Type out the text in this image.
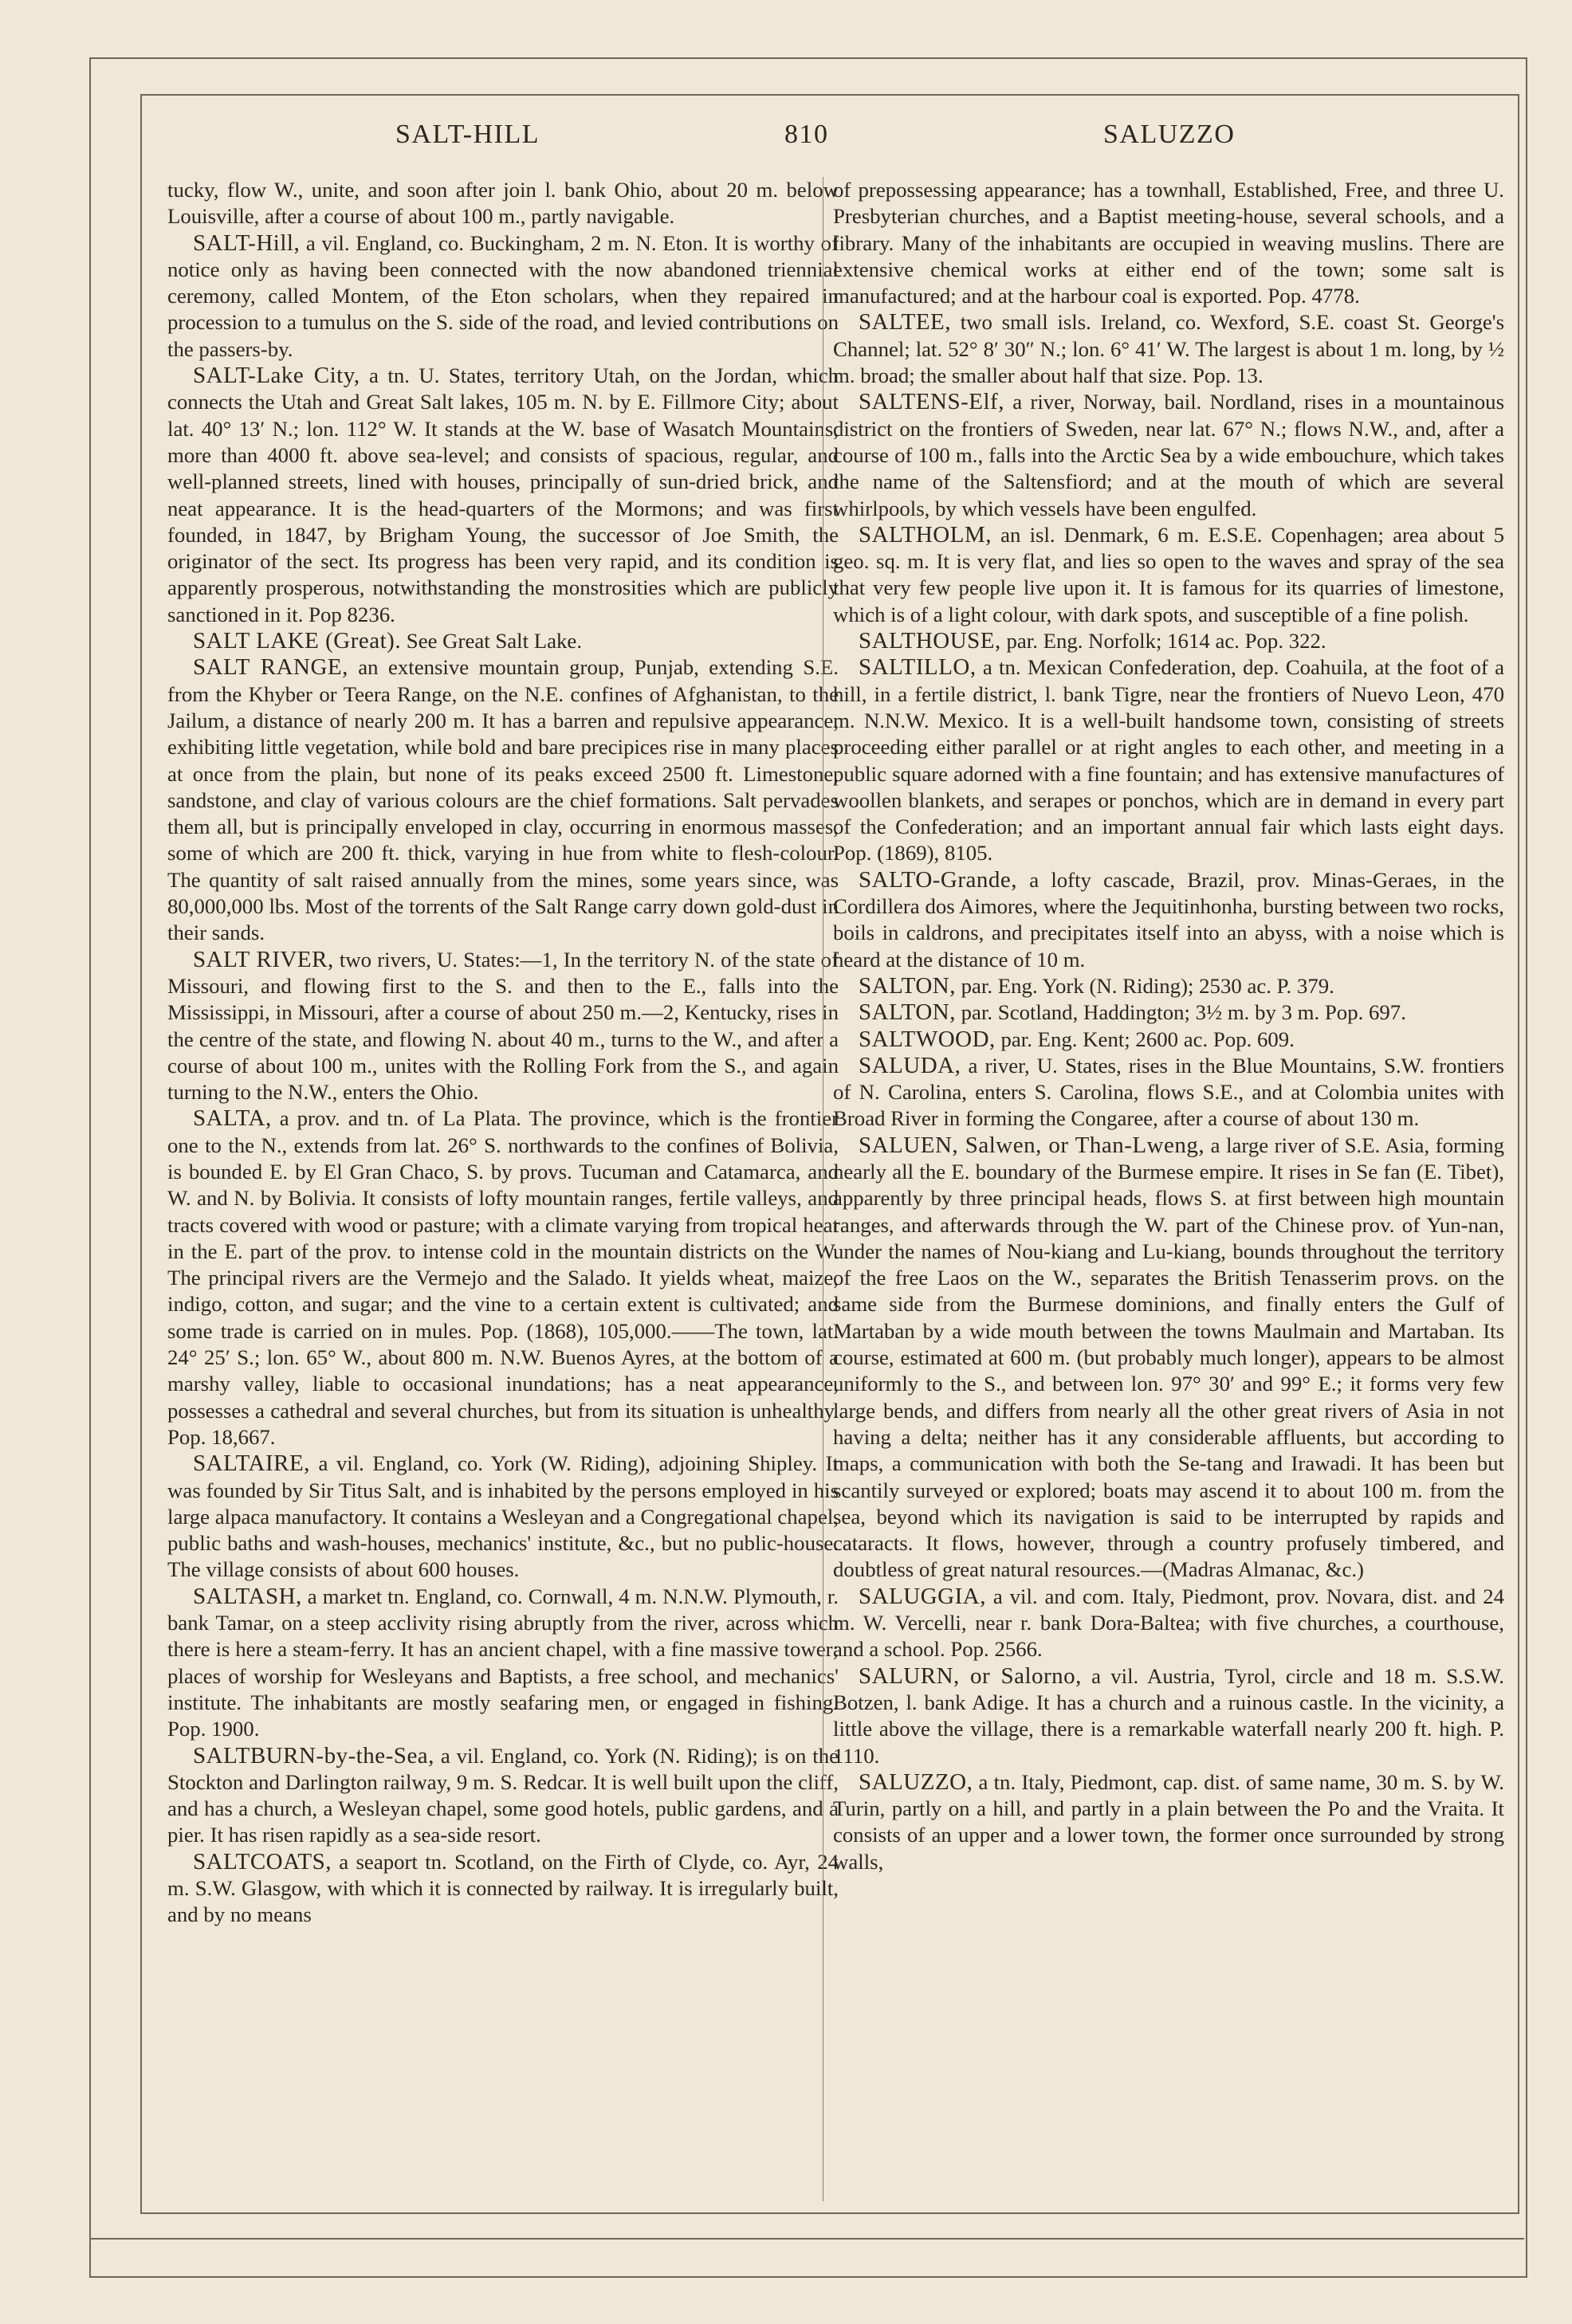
SALT-HILL	810	SALUZZO

tucky, flow W., unite, and soon after join l. bank Ohio, about 20 m. below Louisville, after a course of about 100 m., partly navigable.

SALT-Hill, a vil. England, co. Buckingham, 2 m. N. Eton. It is worthy of notice only as having been connected with the now abandoned triennial ceremony, called Montem, of the Eton scholars, when they repaired in procession to a tumulus on the S. side of the road, and levied contributions on the passers-by.

SALT-Lake City, a tn. U. States, territory Utah, on the Jordan, which connects the Utah and Great Salt lakes, 105 m. N. by E. Fillmore City; about lat. 40° 13′ N.; lon. 112° W. It stands at the W. base of Wasatch Mountains, more than 4000 ft. above sea-level; and consists of spacious, regular, and well-planned streets, lined with houses, principally of sun-dried brick, and neat appearance. It is the head-quarters of the Mormons; and was first founded, in 1847, by Brigham Young, the successor of Joe Smith, the originator of the sect. Its progress has been very rapid, and its condition is apparently prosperous, notwithstanding the monstrosities which are publicly sanctioned in it. Pop 8236.

SALT LAKE (Great). See Great Salt Lake.

SALT RANGE, an extensive mountain group, Punjab, extending S.E. from the Khyber or Teera Range, on the N.E. confines of Afghanistan, to the Jailum, a distance of nearly 200 m. It has a barren and repulsive appearance, exhibiting little vegetation, while bold and bare precipices rise in many places at once from the plain, but none of its peaks exceed 2500 ft. Limestone, sandstone, and clay of various colours are the chief formations. Salt pervades them all, but is principally enveloped in clay, occurring in enormous masses, some of which are 200 ft. thick, varying in hue from white to flesh-colour. The quantity of salt raised annually from the mines, some years since, was 80,000,000 lbs. Most of the torrents of the Salt Range carry down gold-dust in their sands.

SALT RIVER, two rivers, U. States:—1, In the territory N. of the state of Missouri, and flowing first to the S. and then to the E., falls into the Mississippi, in Missouri, after a course of about 250 m.—2, Kentucky, rises in the centre of the state, and flowing N. about 40 m., turns to the W., and after a course of about 100 m., unites with the Rolling Fork from the S., and again turning to the N.W., enters the Ohio.

SALTA, a prov. and tn. of La Plata. The province, which is the frontier one to the N., extends from lat. 26° S. northwards to the confines of Bolivia, is bounded E. by El Gran Chaco, S. by provs. Tucuman and Catamarca, and W. and N. by Bolivia. It consists of lofty mountain ranges, fertile valleys, and tracts covered with wood or pasture; with a climate varying from tropical heat in the E. part of the prov. to intense cold in the mountain districts on the W. The principal rivers are the Vermejo and the Salado. It yields wheat, maize, indigo, cotton, and sugar; and the vine to a certain extent is cultivated; and some trade is carried on in mules. Pop. (1868), 105,000.——The town, lat. 24° 25′ S.; lon. 65° W., about 800 m. N.W. Buenos Ayres, at the bottom of a marshy valley, liable to occasional inundations; has a neat appearance, possesses a cathedral and several churches, but from its situation is unhealthy. Pop. 18,667.

SALTAIRE, a vil. England, co. York (W. Riding), adjoining Shipley. It was founded by Sir Titus Salt, and is inhabited by the persons employed in his large alpaca manufactory. It contains a Wesleyan and a Congregational chapel, public baths and wash-houses, mechanics' institute, &c., but no public-house. The village consists of about 600 houses.

SALTASH, a market tn. England, co. Cornwall, 4 m. N.N.W. Plymouth, r. bank Tamar, on a steep acclivity rising abruptly from the river, across which there is here a steam-ferry. It has an ancient chapel, with a fine massive tower; places of worship for Wesleyans and Baptists, a free school, and mechanics' institute. The inhabitants are mostly seafaring men, or engaged in fishing. Pop. 1900.

SALTBURN-by-the-Sea, a vil. England, co. York (N. Riding); is on the Stockton and Darlington railway, 9 m. S. Redcar. It is well built upon the cliff, and has a church, a Wesleyan chapel, some good hotels, public gardens, and a pier. It has risen rapidly as a sea-side resort.

SALTCOATS, a seaport tn. Scotland, on the Firth of Clyde, co. Ayr, 24 m. S.W. Glasgow, with which it is connected by railway. It is irregularly built, and by no means

of prepossessing appearance; has a townhall, Established, Free, and three U. Presbyterian churches, and a Baptist meeting-house, several schools, and a library. Many of the inhabitants are occupied in weaving muslins. There are extensive chemical works at either end of the town; some salt is manufactured; and at the harbour coal is exported. Pop. 4778.

SALTEE, two small isls. Ireland, co. Wexford, S.E. coast St. George's Channel; lat. 52° 8′ 30″ N.; lon. 6° 41′ W. The largest is about 1 m. long, by ½ m. broad; the smaller about half that size. Pop. 13.

SALTENS-Elf, a river, Norway, bail. Nordland, rises in a mountainous district on the frontiers of Sweden, near lat. 67° N.; flows N.W., and, after a course of 100 m., falls into the Arctic Sea by a wide embouchure, which takes the name of the Saltensfiord; and at the mouth of which are several whirlpools, by which vessels have been engulfed.

SALTHOLM, an isl. Denmark, 6 m. E.S.E. Copenhagen; area about 5 geo. sq. m. It is very flat, and lies so open to the waves and spray of the sea that very few people live upon it. It is famous for its quarries of limestone, which is of a light colour, with dark spots, and susceptible of a fine polish.

SALTHOUSE, par. Eng. Norfolk; 1614 ac. Pop. 322.

SALTILLO, a tn. Mexican Confederation, dep. Coahuila, at the foot of a hill, in a fertile district, l. bank Tigre, near the frontiers of Nuevo Leon, 470 m. N.N.W. Mexico. It is a well-built handsome town, consisting of streets proceeding either parallel or at right angles to each other, and meeting in a public square adorned with a fine fountain; and has extensive manufactures of woollen blankets, and serapes or ponchos, which are in demand in every part of the Confederation; and an important annual fair which lasts eight days. Pop. (1869), 8105.

SALTO-Grande, a lofty cascade, Brazil, prov. Minas-Geraes, in the Cordillera dos Aimores, where the Jequitinhonha, bursting between two rocks, boils in caldrons, and precipitates itself into an abyss, with a noise which is heard at the distance of 10 m.

SALTON, par. Eng. York (N. Riding); 2530 ac. P. 379.

SALTON, par. Scotland, Haddington; 3½ m. by 3 m. Pop. 697.

SALTWOOD, par. Eng. Kent; 2600 ac. Pop. 609.

SALUDA, a river, U. States, rises in the Blue Mountains, S.W. frontiers of N. Carolina, enters S. Carolina, flows S.E., and at Colombia unites with Broad River in forming the Congaree, after a course of about 130 m.

SALUEN, Salwen, or Than-Lweng, a large river of S.E. Asia, forming nearly all the E. boundary of the Burmese empire. It rises in Se fan (E. Tibet), apparently by three principal heads, flows S. at first between high mountain ranges, and afterwards through the W. part of the Chinese prov. of Yun-nan, under the names of Nou-kiang and Lu-kiang, bounds throughout the territory of the free Laos on the W., separates the British Tenasserim provs. on the same side from the Burmese dominions, and finally enters the Gulf of Martaban by a wide mouth between the towns Maulmain and Martaban. Its course, estimated at 600 m. (but probably much longer), appears to be almost uniformly to the S., and between lon. 97° 30′ and 99° E.; it forms very few large bends, and differs from nearly all the other great rivers of Asia in not having a delta; neither has it any considerable affluents, but according to maps, a communication with both the Se-tang and Irawadi. It has been but scantily surveyed or explored; boats may ascend it to about 100 m. from the sea, beyond which its navigation is said to be interrupted by rapids and cataracts. It flows, however, through a country profusely timbered, and doubtless of great natural resources.—(Madras Almanac, &c.)

SALUGGIA, a vil. and com. Italy, Piedmont, prov. Novara, dist. and 24 m. W. Vercelli, near r. bank Dora-Baltea; with five churches, a courthouse, and a school. Pop. 2566.

SALURN, or Salorno, a vil. Austria, Tyrol, circle and 18 m. S.S.W. Botzen, l. bank Adige. It has a church and a ruinous castle. In the vicinity, a little above the village, there is a remarkable waterfall nearly 200 ft. high. P. 1110.

SALUZZO, a tn. Italy, Piedmont, cap. dist. of same name, 30 m. S. by W. Turin, partly on a hill, and partly in a plain between the Po and the Vraita. It consists of an upper and a lower town, the former once surrounded by strong walls,
